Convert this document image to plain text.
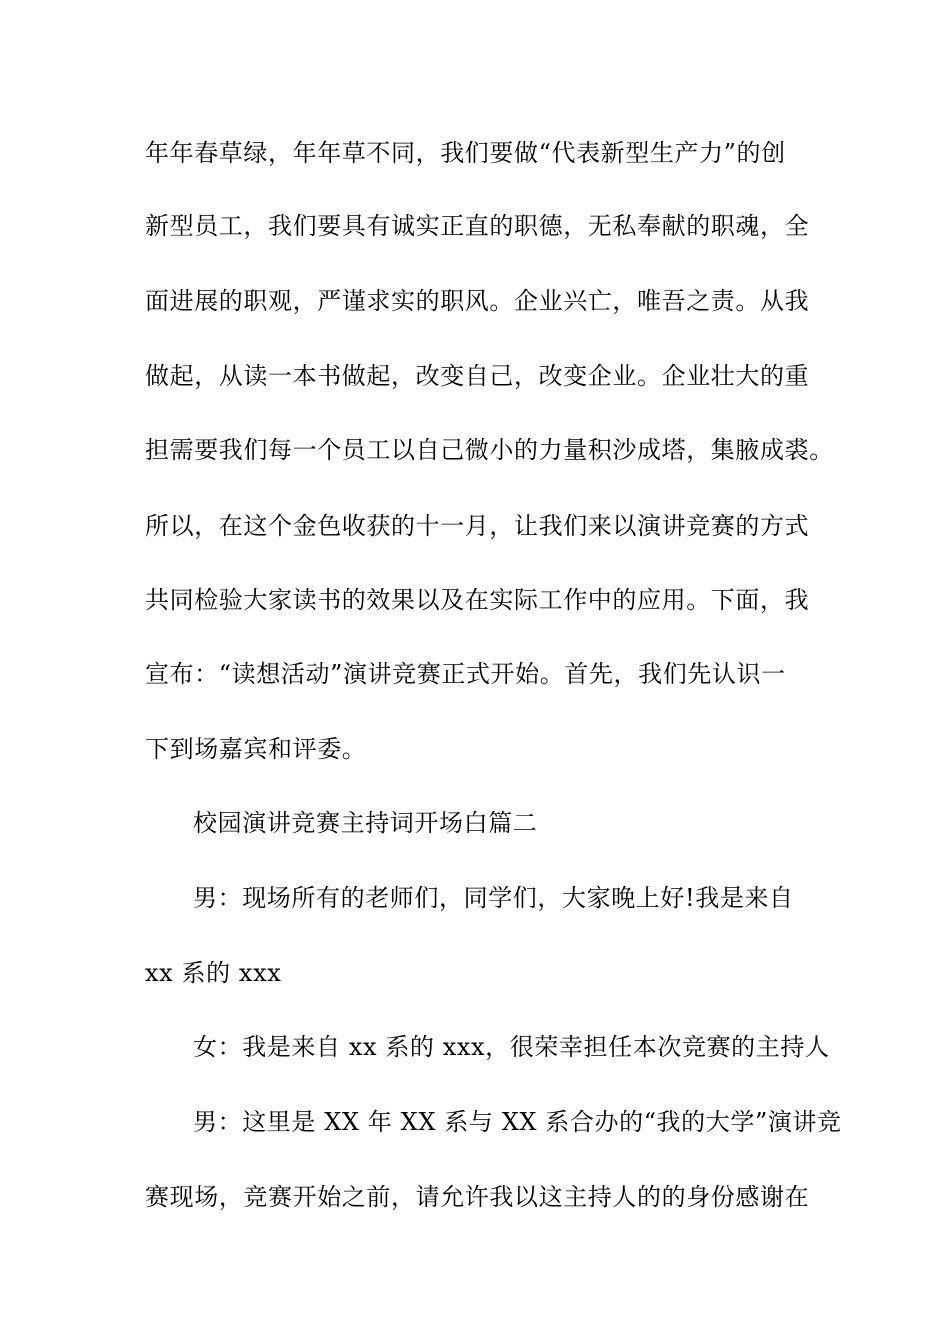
年年春草绿，年年草不同，我们要做“代表新型生产力”的创
新型员工，我们要具有诚实正直的职德，无私奉献的职魂，全
面进展的职观，严谨求实的职风。企业兴亡，唯吾之责。从我
做起，从读一本书做起，改变自己，改变企业。企业壮大的重
担需要我们每一个员工以自己微小的力量积沙成塔，集腋成裘。
所以，在这个金色收获的十一月，让我们来以演讲竞赛的方式
共同检验大家读书的效果以及在实际工作中的应用。下面，我
宣布：“读想活动”演讲竞赛正式开始。首先，我们先认识一
下到场嘉宾和评委。
校园演讲竞赛主持词开场白篇二
男：现场所有的老师们，同学们，大家晚上好!我是来自
xx 系的 xxx
女：我是来自 xx 系的 xxx，很荣幸担任本次竞赛的主持人
男：这里是 XX 年 XX 系与 XX 系合办的“我的大学”演讲竞
赛现场，竞赛开始之前，请允许我以这主持人的的身份感谢在
